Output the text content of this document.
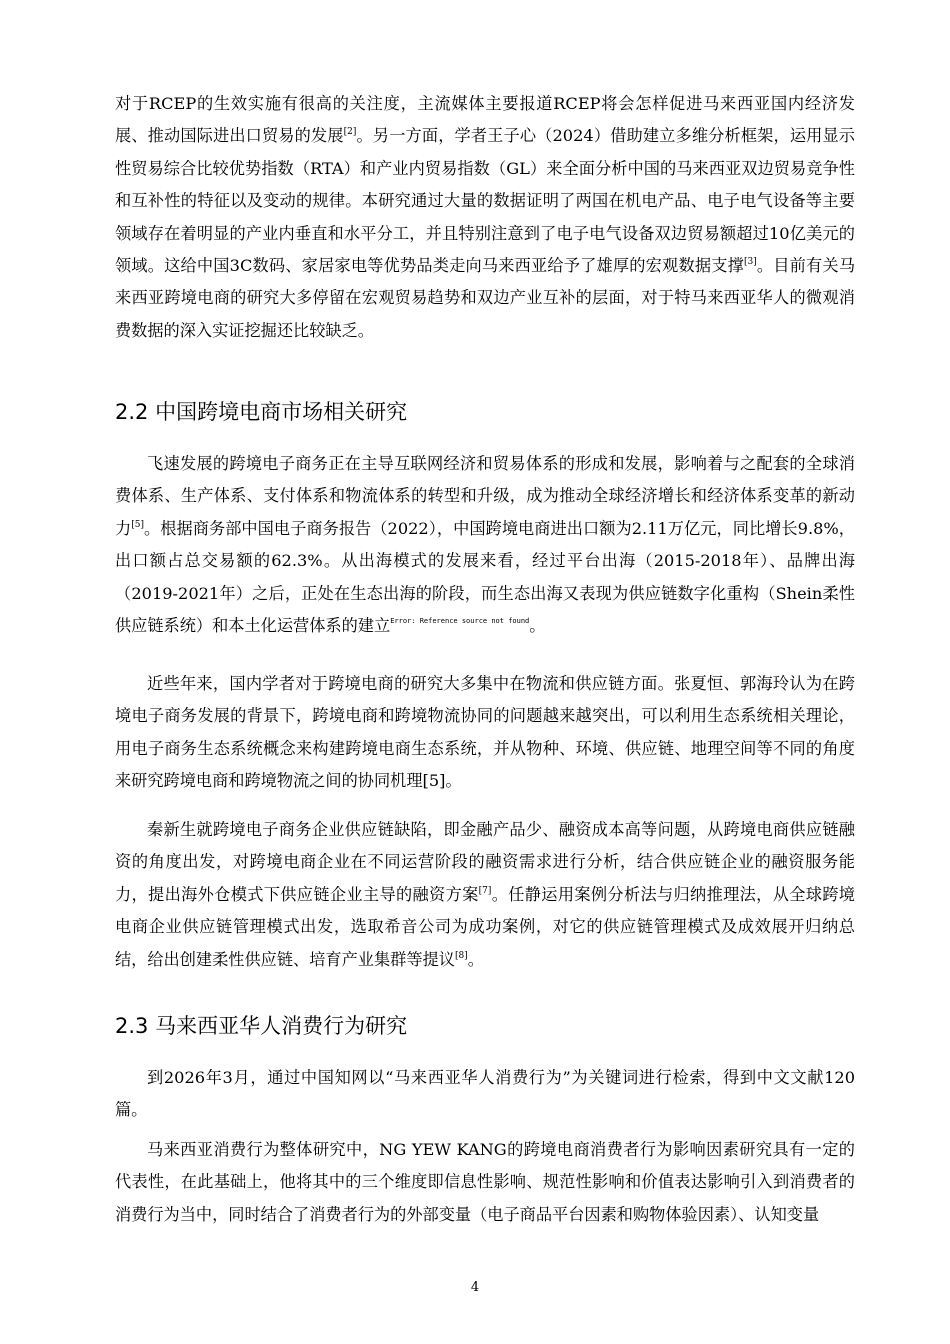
对于RCEP的生效实施有很高的关注度，主流媒体主要报道RCEP将会怎样促进马来西亚国内经济发展、推动国际进出口贸易的发展[2]。另一方面，学者王子心（2024）借助建立多维分析框架，运用显示性贸易综合比较优势指数（RTA）和产业内贸易指数（GL）来全面分析中国的马来西亚双边贸易竞争性和互补性的特征以及变动的规律。本研究通过大量的数据证明了两国在机电产品、电子电气设备等主要领域存在着明显的产业内垂直和水平分工，并且特别注意到了电子电气设备双边贸易额超过10亿美元的领域。这给中国3C数码、家居家电等优势品类走向马来西亚给予了雄厚的宏观数据支撑[3]。目前有关马来西亚跨境电商的研究大多停留在宏观贸易趋势和双边产业互补的层面，对于特马来西亚华人的微观消费数据的深入实证挖掘还比较缺乏。

2.2 中国跨境电商市场相关研究

飞速发展的跨境电子商务正在主导互联网经济和贸易体系的形成和发展，影响着与之配套的全球消费体系、生产体系、支付体系和物流体系的转型和升级，成为推动全球经济增长和经济体系变革的新动力[5]。根据商务部中国电子商务报告（2022），中国跨境电商进出口额为2.11万亿元，同比增长9.8%，出口额占总交易额的62.3%。从出海模式的发展来看，经过平台出海（2015-2018年）、品牌出海（2019-2021年）之后，正处在生态出海的阶段，而生态出海又表现为供应链数字化重构（Shein柔性供应链系统）和本土化运营体系的建立$^{Error: Reference source not found}$。

近些年来，国内学者对于跨境电商的研究大多集中在物流和供应链方面。张夏恒、郭海玲认为在跨境电子商务发展的背景下，跨境电商和跨境物流协同的问题越来越突出，可以利用生态系统相关理论，用电子商务生态系统概念来构建跨境电商生态系统，并从物种、环境、供应链、地理空间等不同的角度来研究跨境电商和跨境物流之间的协同机理[5]。

秦新生就跨境电子商务企业供应链缺陷，即金融产品少、融资成本高等问题，从跨境电商供应链融资的角度出发，对跨境电商企业在不同运营阶段的融资需求进行分析，结合供应链企业的融资服务能力，提出海外仓模式下供应链企业主导的融资方案[7]。任静运用案例分析法与归纳推理法，从全球跨境电商企业供应链管理模式出发，选取希音公司为成功案例，对它的供应链管理模式及成效展开归纳总结，给出创建柔性供应链、培育产业集群等提议[8]。

2.3 马来西亚华人消费行为研究

到2026年3月，通过中国知网以“马来西亚华人消费行为”为关键词进行检索，得到中文文献120篇。

马来西亚消费行为整体研究中，NG YEW KANG的跨境电商消费者行为影响因素研究具有一定的代表性，在此基础上，他将其中的三个维度即信息性影响、规范性影响和价值表达影响引入到消费者的消费行为当中，同时结合了消费者行为的外部变量（电子商品平台因素和购物体验因素）、认知变量

4
